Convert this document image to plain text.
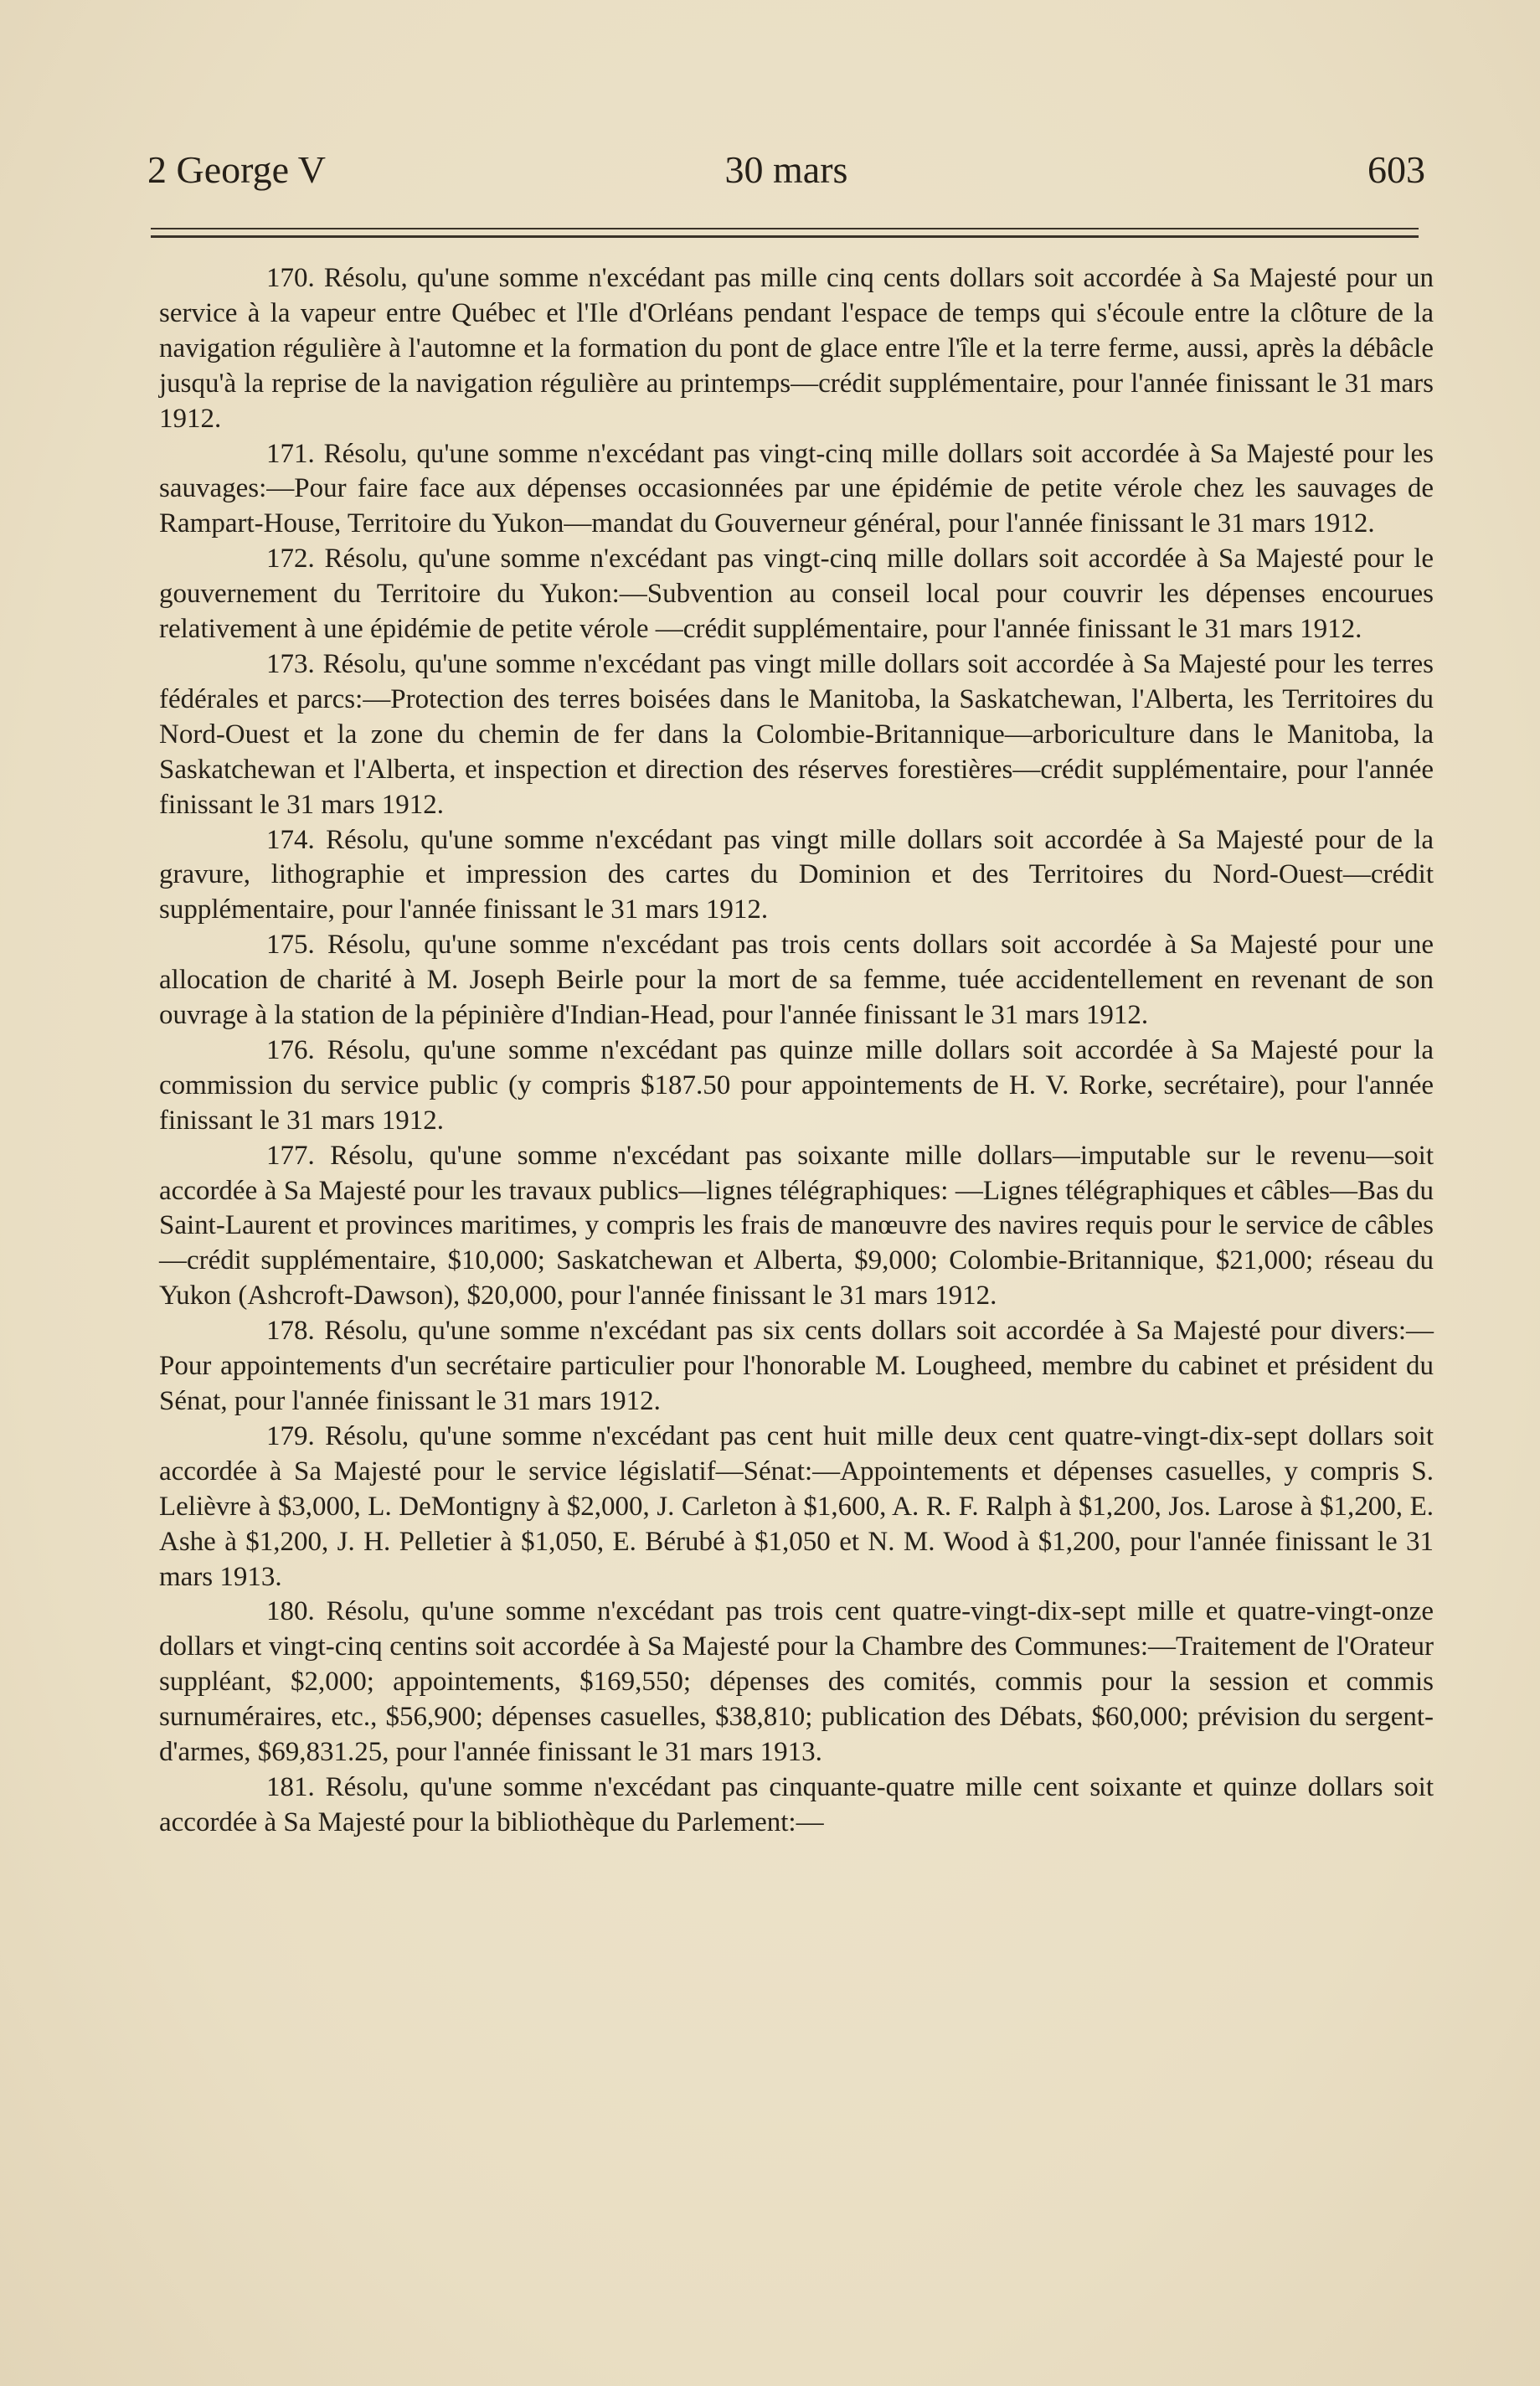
2 George V	30 mars	603

170. Résolu, qu'une somme n'excédant pas mille cinq cents dollars soit accordée à Sa Majesté pour un service à la vapeur entre Québec et l'Ile d'Orléans pendant l'espace de temps qui s'écoule entre la clôture de la navigation régulière à l'automne et la formation du pont de glace entre l'île et la terre ferme, aussi, après la débâcle jusqu'à la reprise de la navigation régulière au printemps—crédit supplémentaire, pour l'année finissant le 31 mars 1912.

171. Résolu, qu'une somme n'excédant pas vingt-cinq mille dollars soit accordée à Sa Majesté pour les sauvages:—Pour faire face aux dépenses occasionnées par une épidémie de petite vérole chez les sauvages de Rampart-House, Territoire du Yukon—mandat du Gouverneur général, pour l'année finissant le 31 mars 1912.

172. Résolu, qu'une somme n'excédant pas vingt-cinq mille dollars soit accordée à Sa Majesté pour le gouvernement du Territoire du Yukon:—Subvention au conseil local pour couvrir les dépenses encourues relativement à une épidémie de petite vérole —crédit supplémentaire, pour l'année finissant le 31 mars 1912.

173. Résolu, qu'une somme n'excédant pas vingt mille dollars soit accordée à Sa Majesté pour les terres fédérales et parcs:—Protection des terres boisées dans le Manitoba, la Saskatchewan, l'Alberta, les Territoires du Nord-Ouest et la zone du chemin de fer dans la Colombie-Britannique—arboriculture dans le Manitoba, la Saskatchewan et l'Alberta, et inspection et direction des réserves forestières—crédit supplémentaire, pour l'année finissant le 31 mars 1912.

174. Résolu, qu'une somme n'excédant pas vingt mille dollars soit accordée à Sa Majesté pour de la gravure, lithographie et impression des cartes du Dominion et des Territoires du Nord-Ouest—crédit supplémentaire, pour l'année finissant le 31 mars 1912.

175. Résolu, qu'une somme n'excédant pas trois cents dollars soit accordée à Sa Majesté pour une allocation de charité à M. Joseph Beirle pour la mort de sa femme, tuée accidentellement en revenant de son ouvrage à la station de la pépinière d'Indian-Head, pour l'année finissant le 31 mars 1912.

176. Résolu, qu'une somme n'excédant pas quinze mille dollars soit accordée à Sa Majesté pour la commission du service public (y compris $187.50 pour appointements de H. V. Rorke, secrétaire), pour l'année finissant le 31 mars 1912.

177. Résolu, qu'une somme n'excédant pas soixante mille dollars—imputable sur le revenu—soit accordée à Sa Majesté pour les travaux publics—lignes télégraphiques: —Lignes télégraphiques et câbles—Bas du Saint-Laurent et provinces maritimes, y compris les frais de manœuvre des navires requis pour le service de câbles—crédit supplémentaire, $10,000; Saskatchewan et Alberta, $9,000; Colombie-Britannique, $21,000; réseau du Yukon (Ashcroft-Dawson), $20,000, pour l'année finissant le 31 mars 1912.

178. Résolu, qu'une somme n'excédant pas six cents dollars soit accordée à Sa Majesté pour divers:—Pour appointements d'un secrétaire particulier pour l'honorable M. Lougheed, membre du cabinet et président du Sénat, pour l'année finissant le 31 mars 1912.

179. Résolu, qu'une somme n'excédant pas cent huit mille deux cent quatre-vingt-dix-sept dollars soit accordée à Sa Majesté pour le service législatif—Sénat:—Appointements et dépenses casuelles, y compris S. Lelièvre à $3,000, L. DeMontigny à $2,000, J. Carleton à $1,600, A. R. F. Ralph à $1,200, Jos. Larose à $1,200, E. Ashe à $1,200, J. H. Pelletier à $1,050, E. Bérubé à $1,050 et N. M. Wood à $1,200, pour l'année finissant le 31 mars 1913.

180. Résolu, qu'une somme n'excédant pas trois cent quatre-vingt-dix-sept mille et quatre-vingt-onze dollars et vingt-cinq centins soit accordée à Sa Majesté pour la Chambre des Communes:—Traitement de l'Orateur suppléant, $2,000; appointements, $169,550; dépenses des comités, commis pour la session et commis surnuméraires, etc., $56,900; dépenses casuelles, $38,810; publication des Débats, $60,000; prévision du sergent-d'armes, $69,831.25, pour l'année finissant le 31 mars 1913.

181. Résolu, qu'une somme n'excédant pas cinquante-quatre mille cent soixante et quinze dollars soit accordée à Sa Majesté pour la bibliothèque du Parlement:—
